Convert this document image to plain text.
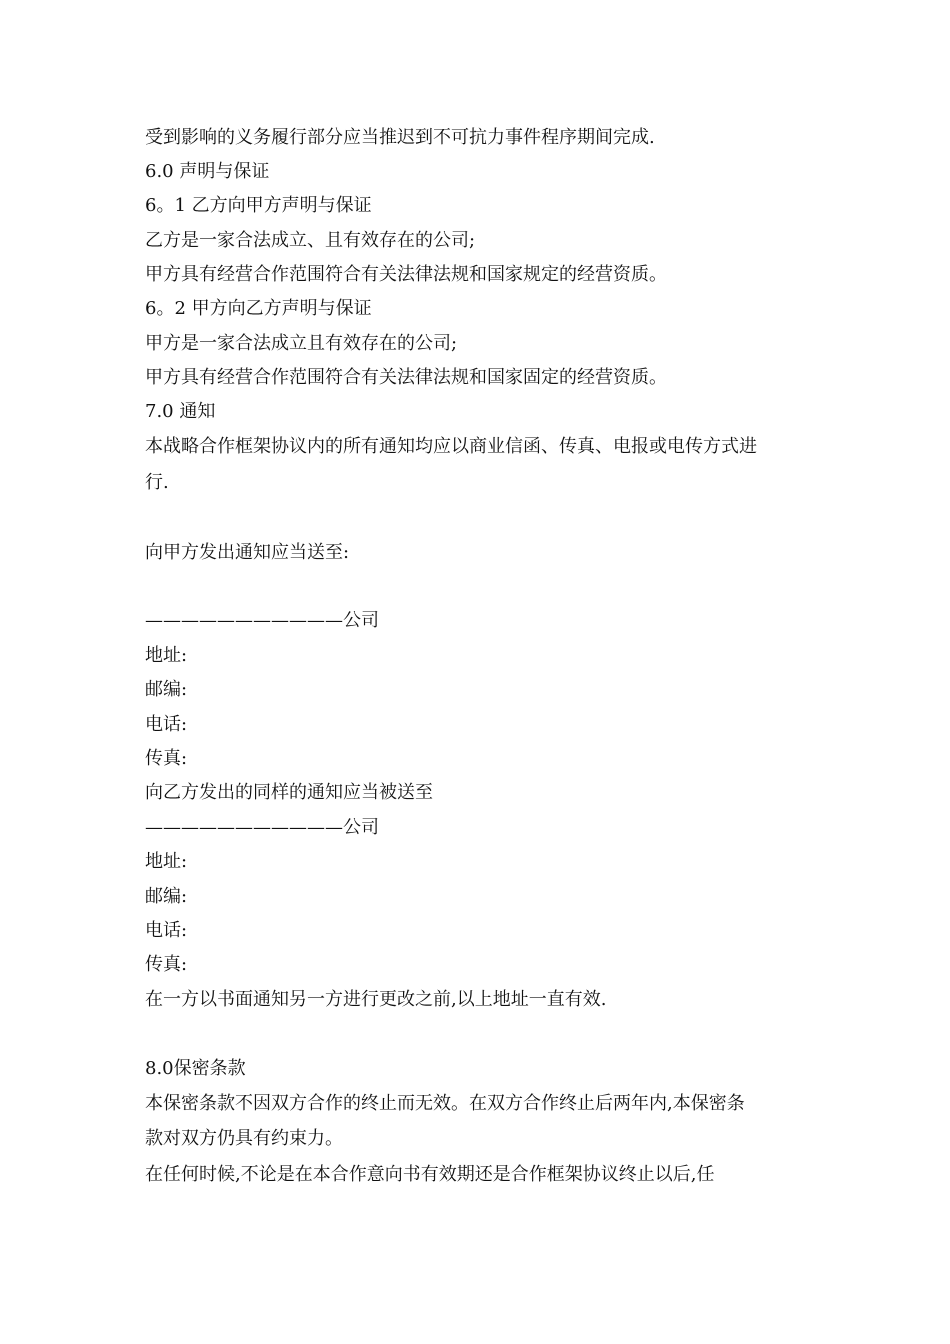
受到影响的义务履行部分应当推迟到不可抗力事件程序期间完成.
6.0 声明与保证
6。1 乙方向甲方声明与保证
乙方是一家合法成立、且有效存在的公司;
甲方具有经营合作范围符合有关法律法规和国家规定的经营资质。
6。2 甲方向乙方声明与保证
甲方是一家合法成立且有效存在的公司;
甲方具有经营合作范围符合有关法律法规和国家固定的经营资质。
7.0 通知
本战略合作框架协议内的所有通知均应以商业信函、传真、电报或电传方式进
行.
向甲方发出通知应当送至:
———————————公司
地址:
邮编:
电话:
传真:
向乙方发出的同样的通知应当被送至
———————————公司
地址:
邮编:
电话:
传真:
在一方以书面通知另一方进行更改之前,以上地址一直有效.
8.0保密条款
本保密条款不因双方合作的终止而无效。在双方合作终止后两年内,本保密条
款对双方仍具有约束力。
在任何时候,不论是在本合作意向书有效期还是合作框架协议终止以后,任
